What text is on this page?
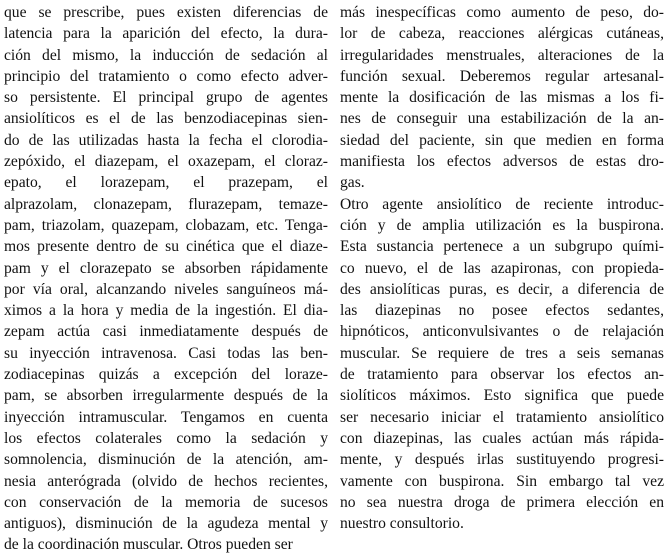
que se prescribe, pues existen diferencias de
latencia para la aparición del efecto, la dura-
ción del mismo, la inducción de sedación al
principio del tratamiento o como efecto adver-
so persistente. El principal grupo de agentes
ansiolíticos es el de las benzodiacepinas sien-
do de las utilizadas hasta la fecha el clorodia-
zepóxido, el diazepam, el oxazepam, el cloraz-
epato, el lorazepam, el prazepam, el
alprazolam, clonazepam, flurazepam, temaze-
pam, triazolam, quazepam, clobazam, etc. Tenga-
mos presente dentro de su cinética que el diaze-
pam y el clorazepato se absorben rápidamente
por vía oral, alcanzando niveles sanguíneos má-
ximos a la hora y media de la ingestión. El dia-
zepam actúa casi inmediatamente después de
su inyección intravenosa. Casi todas las ben-
zodiacepinas quizás a excepción del loraze-
pam, se absorben irregularmente después de la
inyección intramuscular. Tengamos en cuenta
los efectos colaterales como la sedación y
somnolencia, disminución de la atención, am-
nesia anterógrada (olvido de hechos recientes,
con conservación de la memoria de sucesos
antiguos), disminución de la agudeza mental y
de la coordinación muscular. Otros pueden ser
más inespecíficas como aumento de peso, do-
lor de cabeza, reacciones alérgicas cutáneas,
irregularidades menstruales, alteraciones de la
función sexual. Deberemos regular artesanal-
mente la dosificación de las mismas a los fi-
nes de conseguir una estabilización de la an-
siedad del paciente, sin que medien en forma
manifiesta los efectos adversos de estas dro-
gas.
Otro agente ansiolítico de reciente introduc-
ción y de amplia utilización es la buspirona.
Esta sustancia pertenece a un subgrupo quími-
co nuevo, el de las azapironas, con propieda-
des ansiolíticas puras, es decir, a diferencia de
las diazepinas no posee efectos sedantes,
hipnóticos, anticonvulsivantes o de relajación
muscular. Se requiere de tres a seis semanas
de tratamiento para observar los efectos an-
siolíticos máximos. Esto significa que puede
ser necesario iniciar el tratamiento ansiolítico
con diazepinas, las cuales actúan más rápida-
mente, y después irlas sustituyendo progresi-
vamente con buspirona. Sin embargo tal vez
no sea nuestra droga de primera elección en
nuestro consultorio.
